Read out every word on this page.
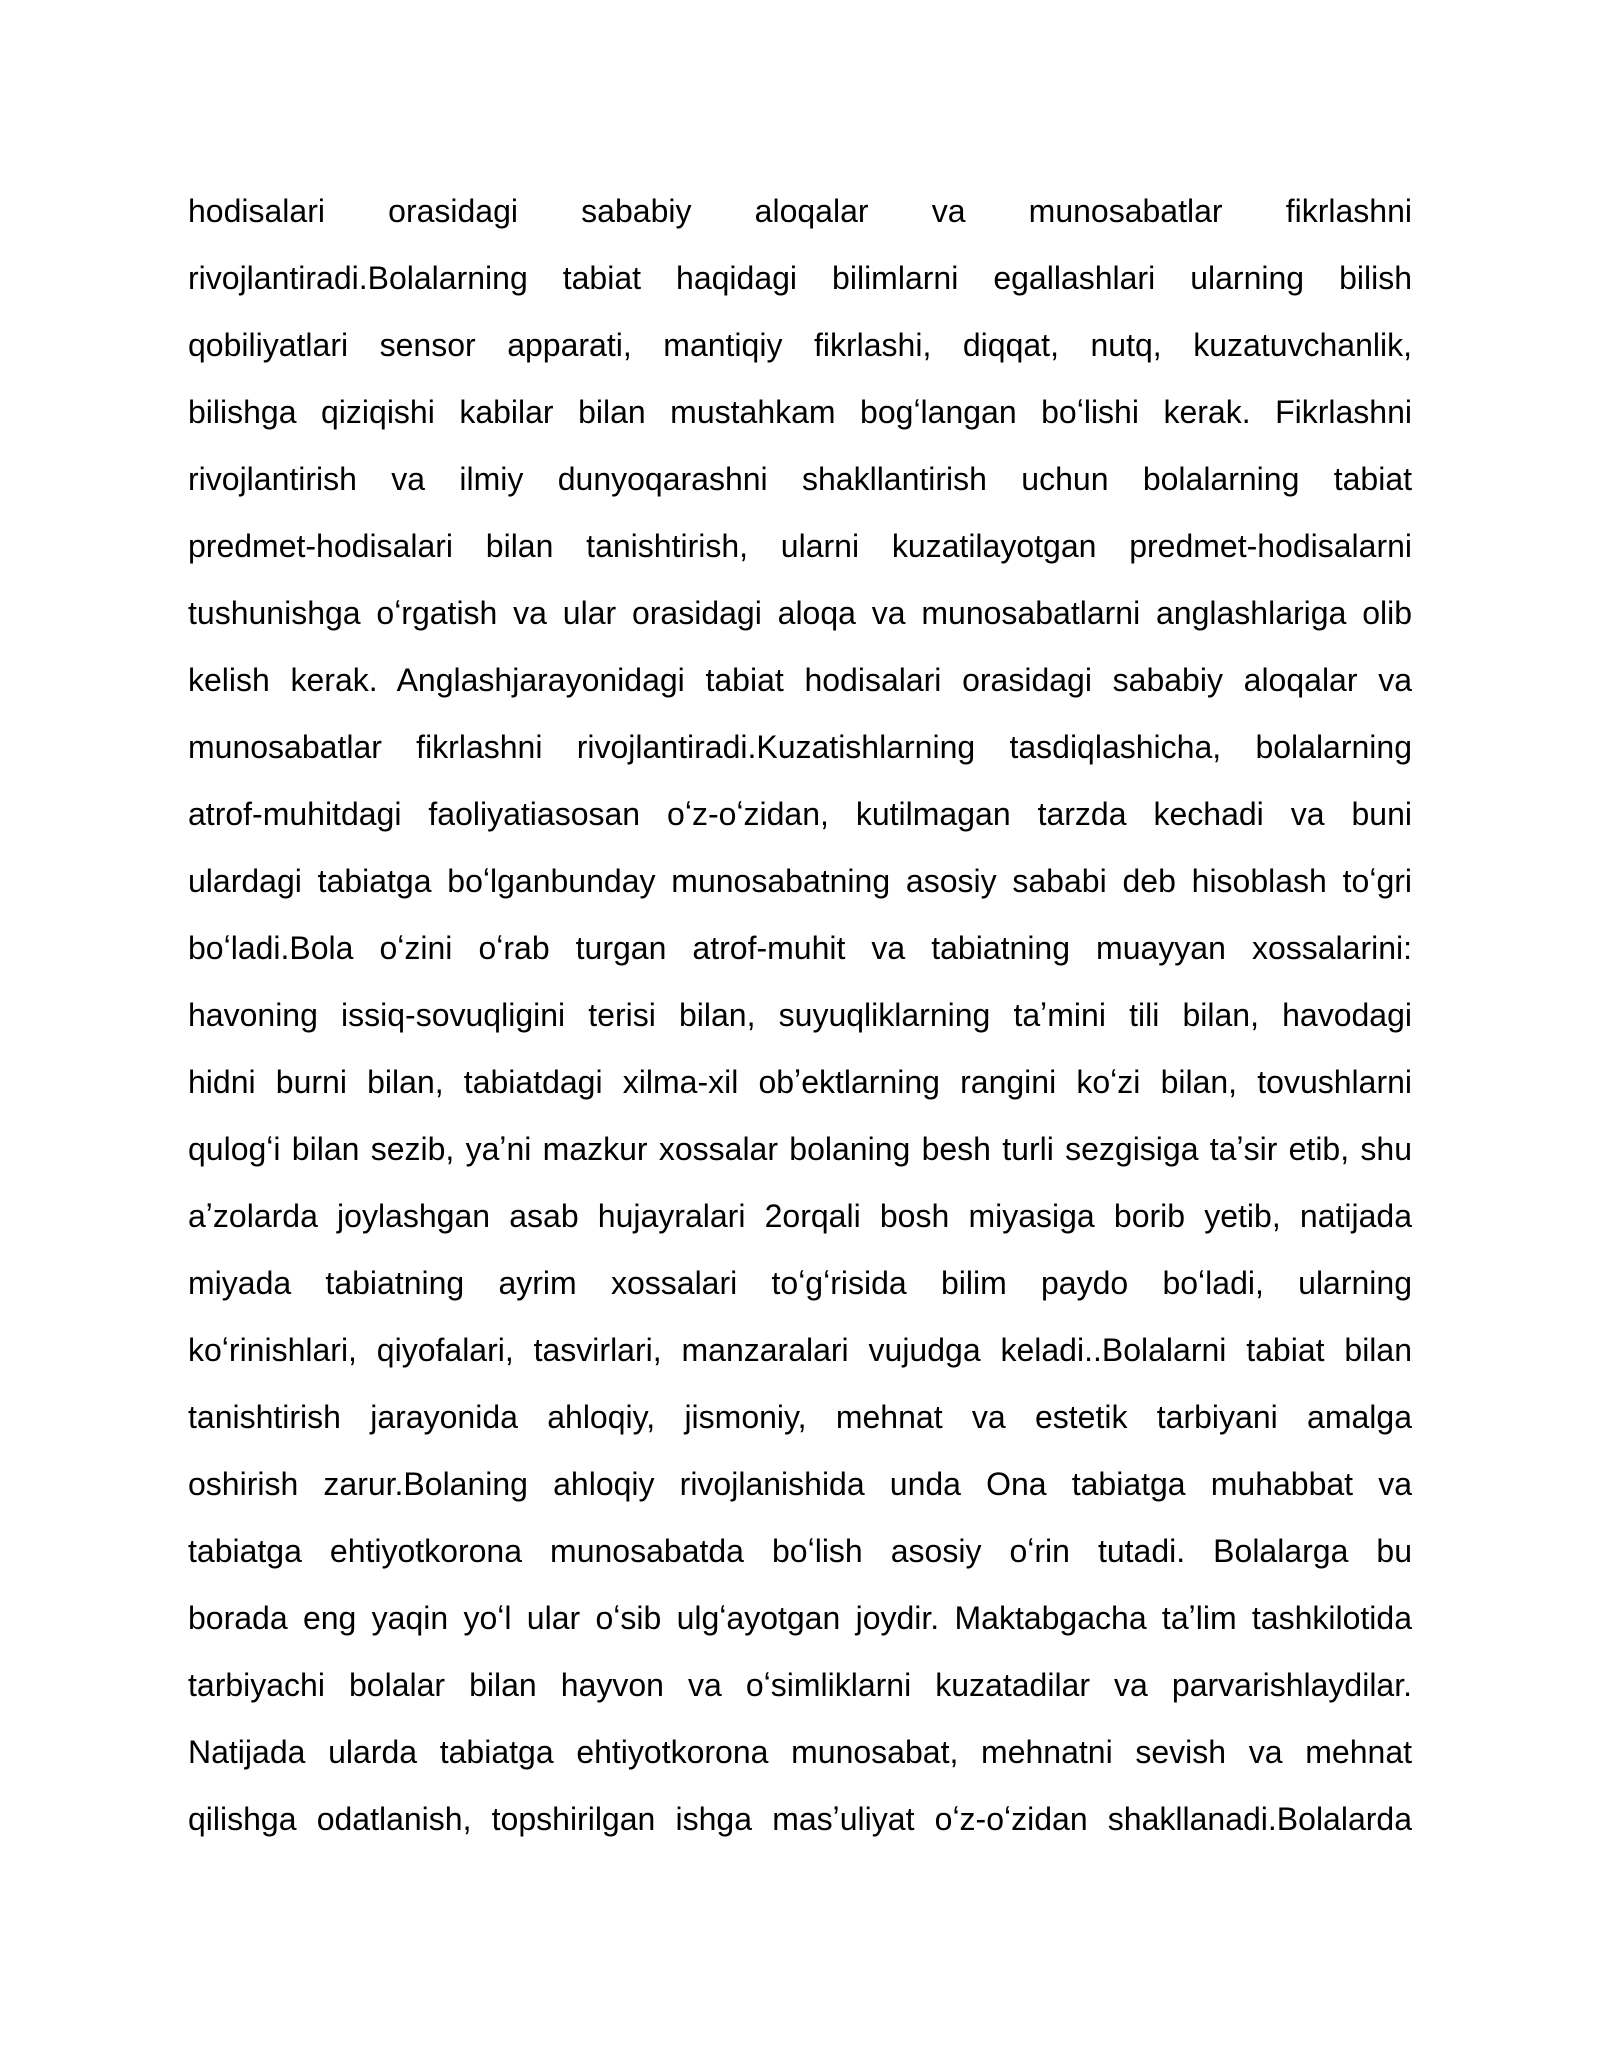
hodisalari orasidagi sababiy aloqalar va munosabatlar fikrlashni
rivojlantiradi.Bolalarning tabiat haqidagi bilimlarni egallashlari ularning bilish
qobiliyatlari sensor apparati, mantiqiy fikrlashi, diqqat, nutq, kuzatuvchanlik,
bilishga qiziqishi kabilar bilan mustahkam bogʻlangan boʻlishi kerak. Fikrlashni
rivojlantirish va ilmiy dunyoqarashni shakllantirish uchun bolalarning tabiat
predmet-hodisalari bilan tanishtirish, ularni kuzatilayotgan predmet-hodisalarni
tushunishga oʻrgatish va ular orasidagi aloqa va munosabatlarni anglashlariga olib
kelish kerak. Anglashjarayonidagi tabiat hodisalari orasidagi sababiy aloqalar va
munosabatlar fikrlashni rivojlantiradi.Kuzatishlarning tasdiqlashicha, bolalarning
atrof-muhitdagi faoliyatiasosan oʻz-oʻzidan, kutilmagan tarzda kechadi va buni
ulardagi tabiatga boʻlganbunday munosabatning asosiy sababi deb hisoblash toʻgri
boʻladi.Bola oʻzini oʻrab turgan atrof-muhit va tabiatning muayyan xossalarini:
havoning issiq-sovuqligini terisi bilan, suyuqliklarning taʼmini tili bilan, havodagi
hidni burni bilan, tabiatdagi xilma-xil obʼektlarning rangini koʻzi bilan, tovushlarni
qulogʻi bilan sezib, yaʼni mazkur xossalar bolaning besh turli sezgisiga taʼsir etib, shu
aʼzolarda joylashgan asab hujayralari 2orqali bosh miyasiga borib yetib, natijada
miyada tabiatning ayrim xossalari toʻgʻrisida bilim paydo boʻladi, ularning
koʻrinishlari, qiyofalari, tasvirlari, manzaralari vujudga keladi..Bolalarni tabiat bilan
tanishtirish jarayonida ahloqiy, jismoniy, mehnat va estetik tarbiyani amalga
oshirish zarur.Bolaning ahloqiy rivojlanishida unda Ona tabiatga muhabbat va
tabiatga ehtiyotkorona munosabatda boʻlish asosiy oʻrin tutadi. Bolalarga bu
borada eng yaqin yoʻl ular oʻsib ulgʻayotgan joydir. Maktabgacha taʼlim tashkilotida
tarbiyachi bolalar bilan hayvon va oʻsimliklarni kuzatadilar va parvarishlaydilar.
Natijada ularda tabiatga ehtiyotkorona munosabat, mehnatni sevish va mehnat
qilishga odatlanish, topshirilgan ishga masʼuliyat oʻz-oʻzidan shakllanadi.Bolalarda
